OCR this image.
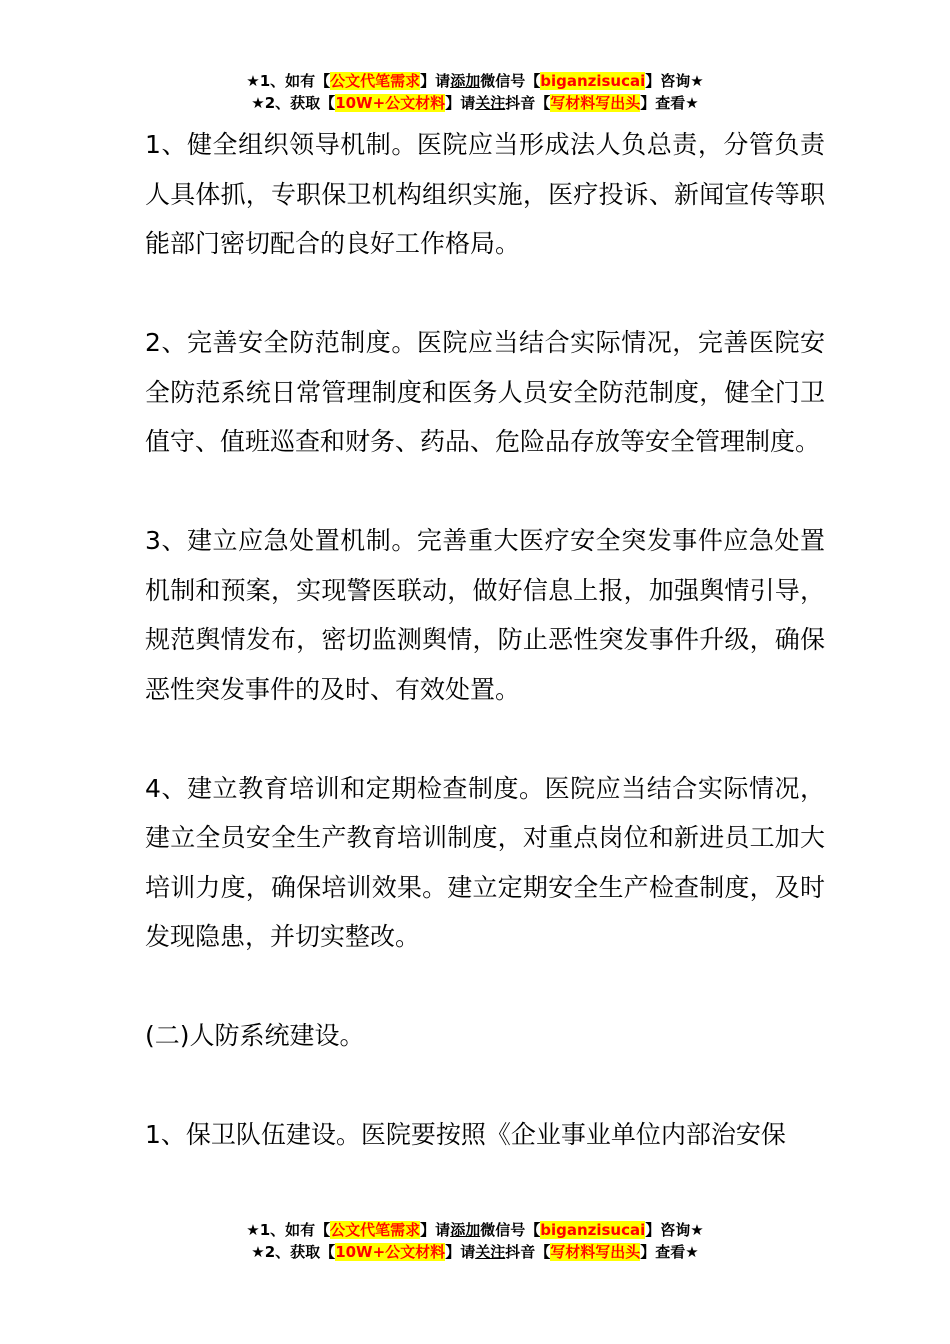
★1、如有【公文代笔需求】请添加微信号【biganzisucai】咨询★
★2、获取【10W+公文材料】请关注抖音【写材料写出头】查看★

1、健全组织领导机制。医院应当形成法人负总责，分管负责人具体抓，专职保卫机构组织实施，医疗投诉、新闻宣传等职能部门密切配合的良好工作格局。

2、完善安全防范制度。医院应当结合实际情况，完善医院安全防范系统日常管理制度和医务人员安全防范制度，健全门卫值守、值班巡查和财务、药品、危险品存放等安全管理制度。

3、建立应急处置机制。完善重大医疗安全突发事件应急处置机制和预案，实现警医联动，做好信息上报，加强舆情引导，规范舆情发布，密切监测舆情，防止恶性突发事件升级，确保恶性突发事件的及时、有效处置。

4、建立教育培训和定期检查制度。医院应当结合实际情况，建立全员安全生产教育培训制度，对重点岗位和新进员工加大培训力度，确保培训效果。建立定期安全生产检查制度，及时发现隐患，并切实整改。

(二)人防系统建设。

1、保卫队伍建设。医院要按照《企业事业单位内部治安保

★1、如有【公文代笔需求】请添加微信号【biganzisucai】咨询★
★2、获取【10W+公文材料】请关注抖音【写材料写出头】查看★
